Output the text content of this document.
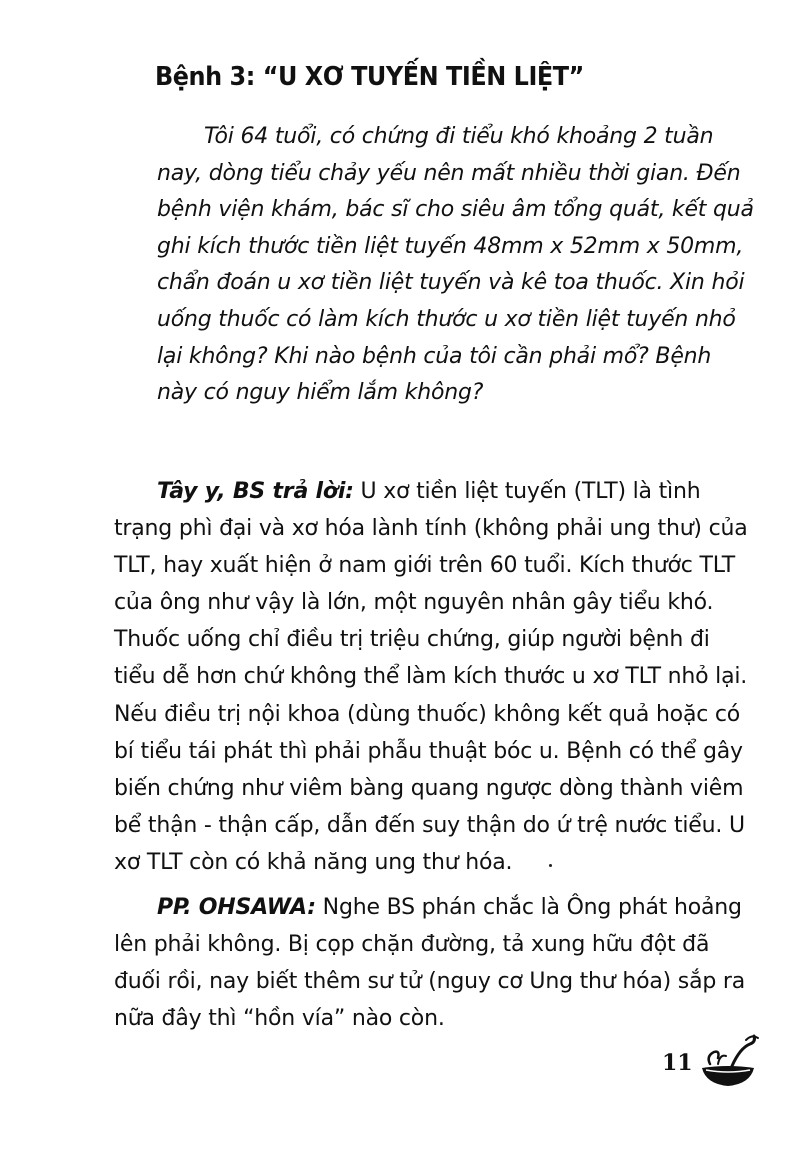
Bệnh 3: “U XƠ TUYẾN TIỀN LIỆT”

Tôi 64 tuổi, có chứng đi tiểu khó khoảng 2 tuần nay, dòng tiểu chảy yếu nên mất nhiều thời gian. Đến bệnh viện khám, bác sĩ cho siêu âm tổng quát, kết quả ghi kích thước tiền liệt tuyến 48mm x 52mm x 50mm, chẩn đoán u xơ tiền liệt tuyến và kê toa thuốc. Xin hỏi uống thuốc có làm kích thước u xơ tiền liệt tuyến nhỏ lại không? Khi nào bệnh của tôi cần phải mổ? Bệnh này có nguy hiểm lắm không?

Tây y, BS trả lời: U xơ tiền liệt tuyến (TLT) là tình trạng phì đại và xơ hóa lành tính (không phải ung thư) của TLT, hay xuất hiện ở nam giới trên 60 tuổi. Kích thước TLT của ông như vậy là lớn, một nguyên nhân gây tiểu khó. Thuốc uống chỉ điều trị triệu chứng, giúp người bệnh đi tiểu dễ hơn chứ không thể làm kích thước u xơ TLT nhỏ lại. Nếu điều trị nội khoa (dùng thuốc) không kết quả hoặc có bí tiểu tái phát thì phải phẫu thuật bóc u. Bệnh có thể gây biến chứng như viêm bàng quang ngược dòng thành viêm bể thận - thận cấp, dẫn đến suy thận do ứ trệ nước tiểu. U xơ TLT còn có khả năng ung thư hóa.

PP. OHSAWA: Nghe BS phán chắc là Ông phát hoảng lên phải không. Bị cọp chặn đường, tả xung hữu đột đã đuối rồi, nay biết thêm sư tử (nguy cơ Ung thư hóa) sắp ra nữa đây thì “hồn vía” nào còn.

11
